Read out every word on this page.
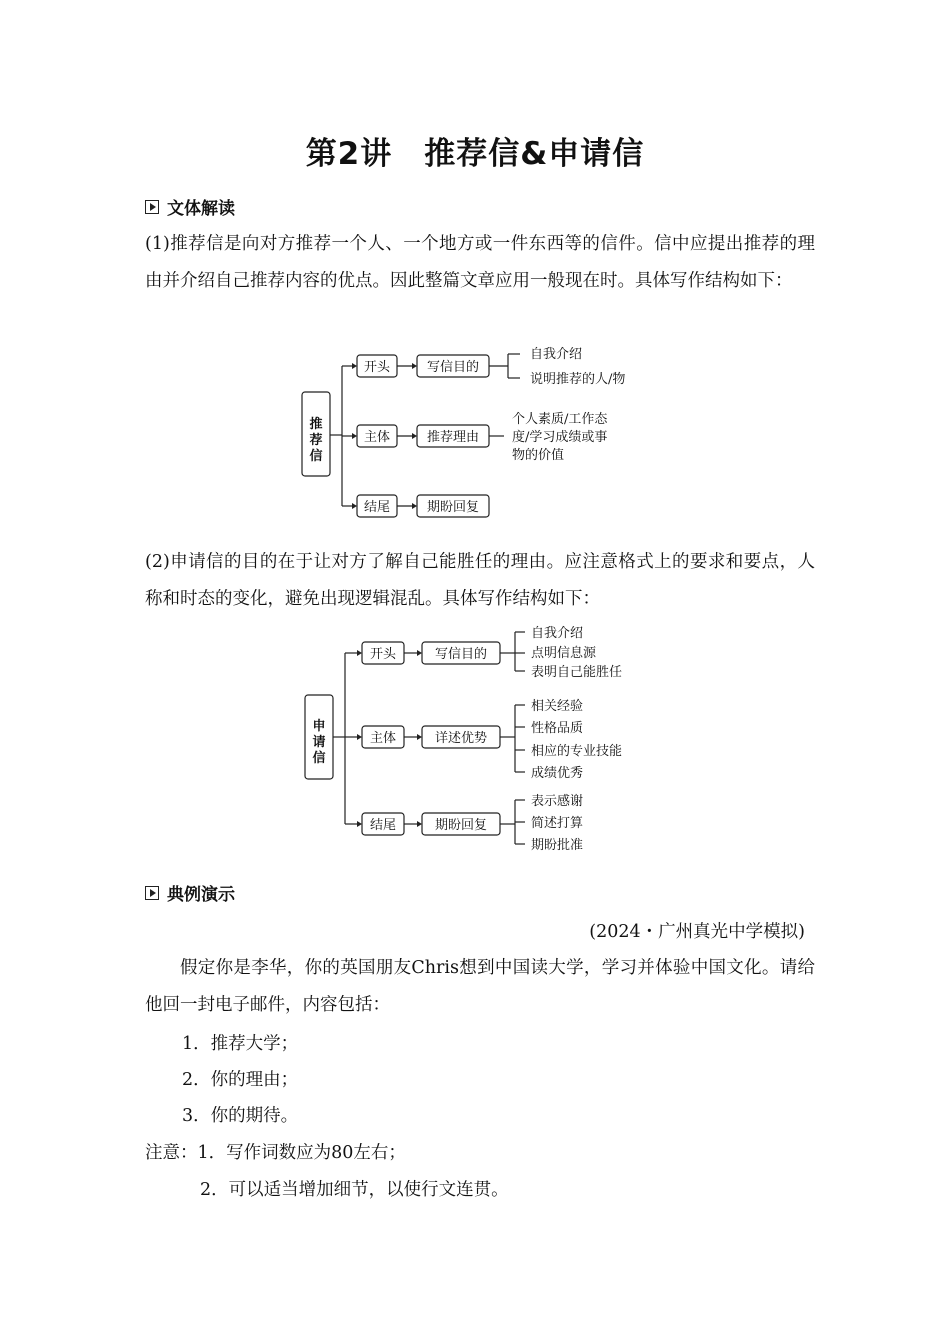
第2讲　推荐信&申请信
文体解读
(1)推荐信是向对方推荐一个人、一个地方或一件东西等的信件。信中应提出推荐的理由并介绍自己推荐内容的优点。因此整篇文章应用一般现在时。具体写作结构如下：
推
荐
信
开头
主体
结尾
写信目的
推荐理由
期盼回复
自我介绍
说明推荐的人/物
个人素质/工作态
度/学习成绩或事
物的价值
(2)申请信的目的在于让对方了解自己能胜任的理由。应注意格式上的要求和要点，人称和时态的变化，避免出现逻辑混乱。具体写作结构如下：
申
请
信
开头
主体
结尾
写信目的
详述优势
期盼回复
自我介绍
点明信息源
表明自己能胜任
相关经验
性格品质
相应的专业技能
成绩优秀
表示感谢
简述打算
期盼批准
典例演示
(2024・广州真光中学模拟)
假定你是李华，你的英国朋友Chris想到中国读大学，学习并体验中国文化。请给他回一封电子邮件，内容包括：
1．推荐大学；
2．你的理由；
3．你的期待。
注意：1．写作词数应为80左右；
2．可以适当增加细节，以使行文连贯。
